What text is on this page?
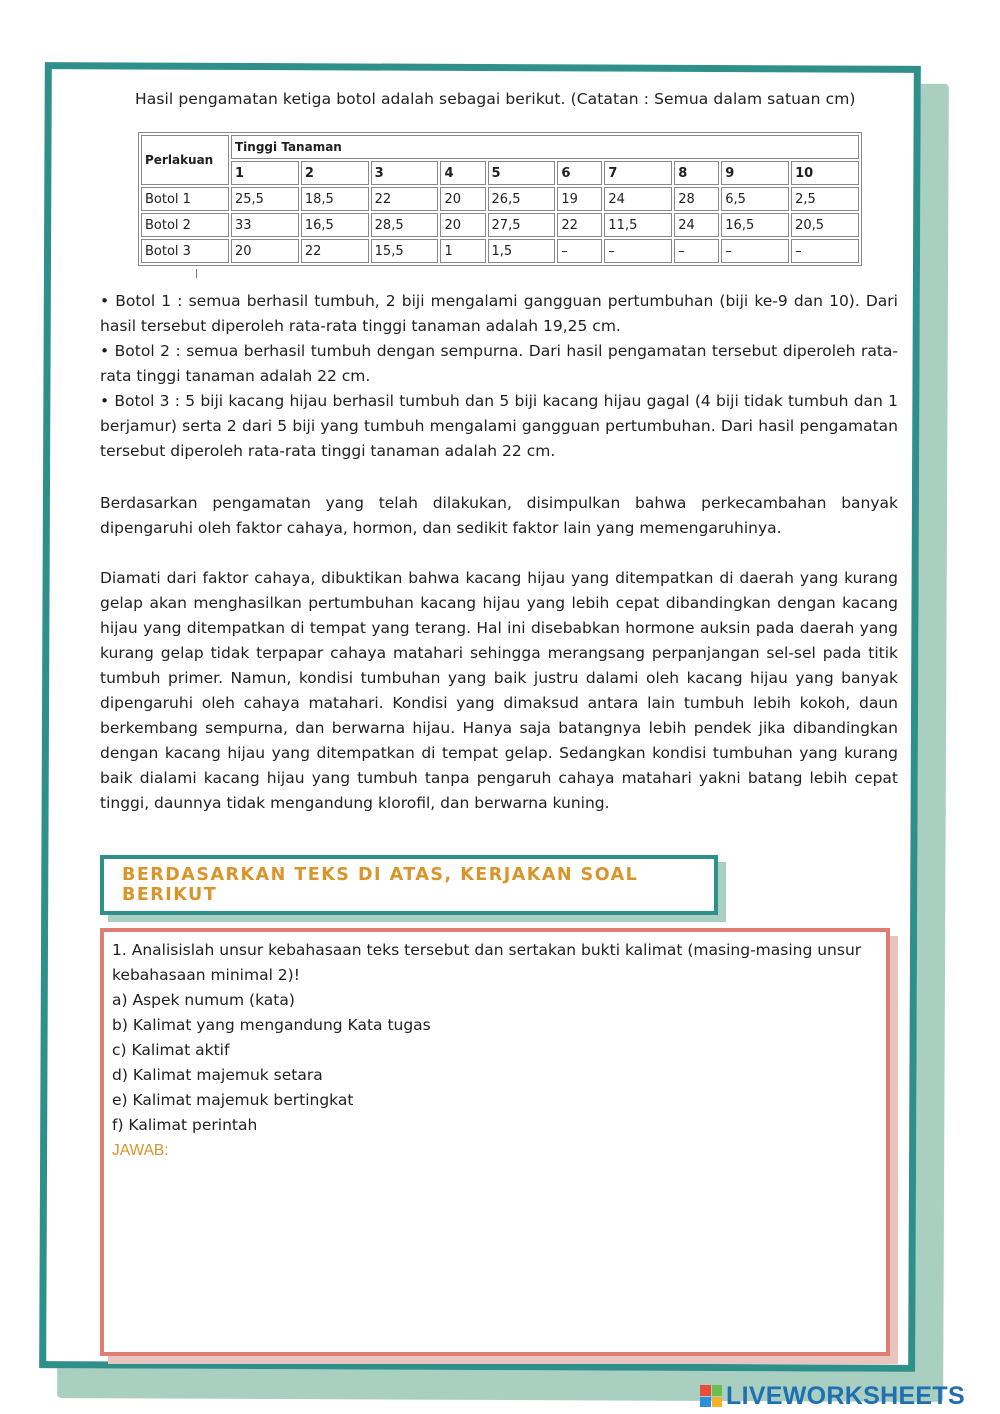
Hasil pengamatan ketiga botol adalah sebagai berikut. (Catatan : Semua dalam satuan cm)
Perlakuan	Tinggi Tanaman									
	1	2	3	4	5	6	7	8	9	10
Botol 1	25,5	18,5	22	20	26,5	19	24	28	6,5	2,5
Botol 2	33	16,5	28,5	20	27,5	22	11,5	24	16,5	20,5
Botol 3	20	22	15,5	1	1,5	–	–	–	–	–
• Botol 1 : semua berhasil tumbuh, 2 biji mengalami gangguan pertumbuhan (biji ke-9 dan 10). Dari hasil tersebut diperoleh rata-rata tinggi tanaman adalah 19,25 cm.
• Botol 2 : semua berhasil tumbuh dengan sempurna. Dari hasil pengamatan tersebut diperoleh rata-rata tinggi tanaman adalah 22 cm.
• Botol 3 : 5 biji kacang hijau berhasil tumbuh dan 5 biji kacang hijau gagal (4 biji tidak tumbuh dan 1 berjamur) serta 2 dari 5 biji yang tumbuh mengalami gangguan pertumbuhan. Dari hasil pengamatan tersebut diperoleh rata-rata tinggi tanaman adalah 22 cm.
Berdasarkan pengamatan yang telah dilakukan, disimpulkan bahwa perkecambahan banyak dipengaruhi oleh faktor cahaya, hormon, dan sedikit faktor lain yang memengaruhinya.
Diamati dari faktor cahaya, dibuktikan bahwa kacang hijau yang ditempatkan di daerah yang kurang gelap akan menghasilkan pertumbuhan kacang hijau yang lebih cepat dibandingkan dengan kacang hijau yang ditempatkan di tempat yang terang. Hal ini disebabkan hormone auksin pada daerah yang kurang gelap tidak terpapar cahaya matahari sehingga merangsang perpanjangan sel-sel pada titik tumbuh primer. Namun, kondisi tumbuhan yang baik justru dalami oleh kacang hijau yang banyak dipengaruhi oleh cahaya matahari. Kondisi yang dimaksud antara lain tumbuh lebih kokoh, daun berkembang sempurna, dan berwarna hijau. Hanya saja batangnya lebih pendek jika dibandingkan dengan kacang hijau yang ditempatkan di tempat gelap. Sedangkan kondisi tumbuhan yang kurang baik dialami kacang hijau yang tumbuh tanpa pengaruh cahaya matahari yakni batang lebih cepat tinggi, daunnya tidak mengandung klorofil, dan berwarna kuning.
BERDASARKAN TEKS DI ATAS, KERJAKAN SOAL BERIKUT
1. Analisislah unsur kebahasaan teks tersebut dan sertakan bukti kalimat (masing-masing unsur kebahasaan minimal 2)!
a) Aspek numum (kata)
b) Kalimat yang mengandung Kata tugas
c) Kalimat aktif
d) Kalimat majemuk setara
e) Kalimat majemuk bertingkat
f) Kalimat perintah
JAWAB:
LIVEWORKSHEETS
